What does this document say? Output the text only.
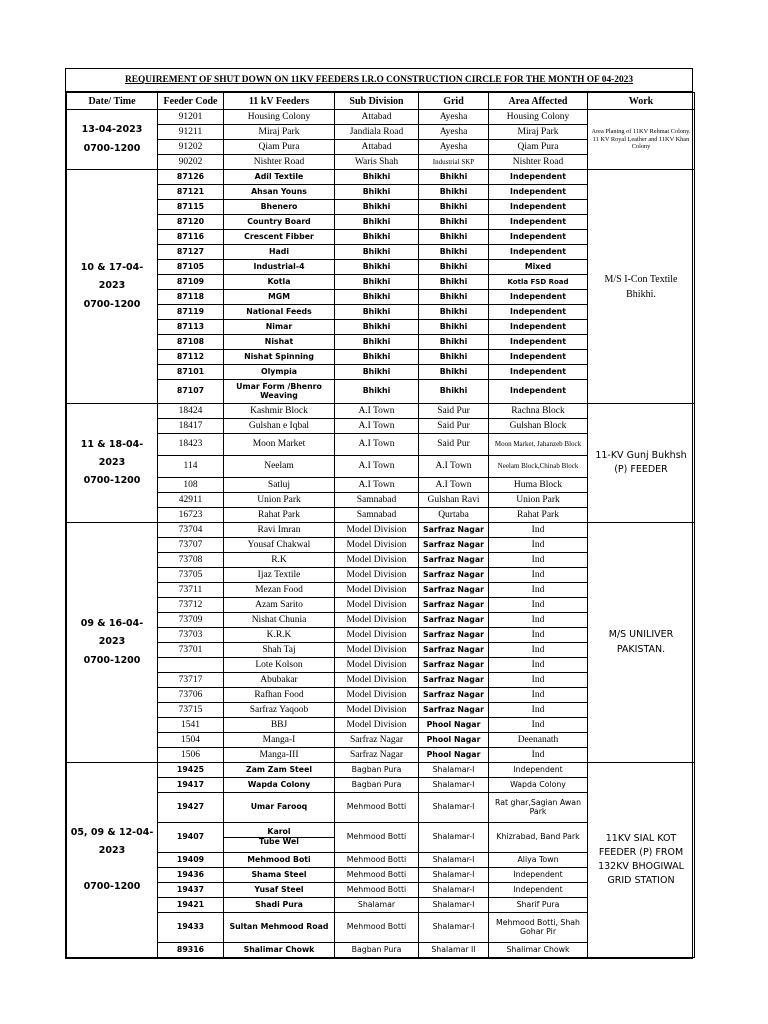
REQUIREMENT OF SHUT DOWN ON 11KV FEEDERS I.R.O CONSTRUCTION CIRCLE FOR THE MONTH OF 04-2023
Date/ Time	Feeder Code	11 kV Feeders	Sub Division	Grid	Area Affected	Work

13-04-2023
0700-1200	91201	Housing Colony	Attabad	Ayesha	Housing Colony	Area Planing of 11KV Rehmat Colony. 11 KV Royal Leather and 11KV Khan Colony
	91211	Miraj Park	Jandiala Road	Ayesha	Miraj Park	
	91202	Qiam Pura	Attabad	Ayesha	Qiam Pura	
	90202	Nishter Road	Waris Shah	Industrial SKP	Nishter Road	

10 & 17-04-2023
0700-1200	87126	Adil Textile	Bhikhi	Bhikhi	Independent	M/S I-Con Textile Bhikhi.
	87121	Ahsan Youns	Bhikhi	Bhikhi	Independent	
	87115	Bhenero	Bhikhi	Bhikhi	Independent	
	87120	Country Board	Bhikhi	Bhikhi	Independent	
	87116	Crescent Fibber	Bhikhi	Bhikhi	Independent	
	87127	Hadi	Bhikhi	Bhikhi	Independent	
	87105	Industrial-4	Bhikhi	Bhikhi	Mixed	
	87109	Kotla	Bhikhi	Bhikhi	Kotla FSD Road	
	87118	MGM	Bhikhi	Bhikhi	Independent	
	87119	National Feeds	Bhikhi	Bhikhi	Independent	
	87113	Nimar	Bhikhi	Bhikhi	Independent	
	87108	Nishat	Bhikhi	Bhikhi	Independent	
	87112	Nishat Spinning	Bhikhi	Bhikhi	Independent	
	87101	Olympia	Bhikhi	Bhikhi	Independent	
	87107	Umar Form /Bhenro Weaving	Bhikhi	Bhikhi	Independent	

11 & 18-04-2023
0700-1200	18424	Kashmir Block	A.I Town	Said Pur	Rachna Block	11-KV Gunj Bukhsh (P) FEEDER
	18417	Gulshan e Iqbal	A.I Town	Said Pur	Gulshan Block	
	18423	Moon Market	A.I Town	Said Pur	Moon Market, Jahanzeb Block	
	114	Neelam	A.I Town	A.I Town	Neelam Block,Chinab Block	
	108	Satluj	A.I Town	A.I Town	Huma Block	
	42911	Union Park	Samnabad	Gulshan Ravi	Union Park	
	16723	Rahat Park	Samnabad	Qurtaba	Rahat Park	

09 & 16-04-2023
0700-1200	73704	Ravi Imran	Model Division	Sarfraz Nagar	Ind	M/S UNILIVER PAKISTAN.
	73707	Yousaf Chakwal	Model Division	Sarfraz Nagar	Ind	
	73708	R.K	Model Division	Sarfraz Nagar	Ind	
	73705	Ijaz Textile	Model Division	Sarfraz Nagar	Ind	
	73711	Mezan Food	Model Division	Sarfraz Nagar	Ind	
	73712	Azam Sarito	Model Division	Sarfraz Nagar	Ind	
	73709	Nishat Chunia	Model Division	Sarfraz Nagar	Ind	
	73703	K.R.K	Model Division	Sarfraz Nagar	Ind	
	73701	Shah Taj	Model Division	Sarfraz Nagar	Ind	
		Lote Kolson	Model Division	Sarfraz Nagar	Ind	
	73717	Abubakar	Model Division	Sarfraz Nagar	Ind	
	73706	Rafhan Food	Model Division	Sarfraz Nagar	Ind	
	73715	Sarfraz Yaqoob	Model Division	Sarfraz Nagar	Ind	
	1541	BBJ	Model Division	Phool Nagar	Ind	
	1504	Manga-I	Sarfraz Nagar	Phool Nagar	Deenanath	
	1506	Manga-III	Sarfraz Nagar	Phool Nagar	Ind	

05, 09 & 12-04-2023

0700-1200	19425	Zam Zam Steel	Bagban Pura	Shalamar-I	Independent	11KV SIAL KOT FEEDER (P) FROM 132KV BHOGIWAL GRID STATION
	19417	Wapda Colony	Bagban Pura	Shalamar-I	Wapda Colony	
	19427	Umar Farooq	Mehmood Botti	Shalamar-I	Rat ghar,Sagian Awan Park	
	19407	Karol
Tube Wel	Mehmood Botti	Shalamar-I	Khizrabad, Band Park	
	19409	Mehmood Boti	Mehmood Botti	Shalamar-I	Aliya Town	
	19436	Shama Steel	Mehmood Botti	Shalamar-I	Independent	
	19437	Yusaf Steel	Mehmood Botti	Shalamar-I	Independent	
	19421	Shadi Pura	Shalamar	Shalamar-I	Sharif Pura	
	19433	Sultan Mehmood Road	Mehmood Botti	Shalamar-I	Mehmood Botti, Shah Gohar Pir	
	89316	Shalimar Chowk	Bagban Pura	Shalamar II	Shalimar Chowk	
